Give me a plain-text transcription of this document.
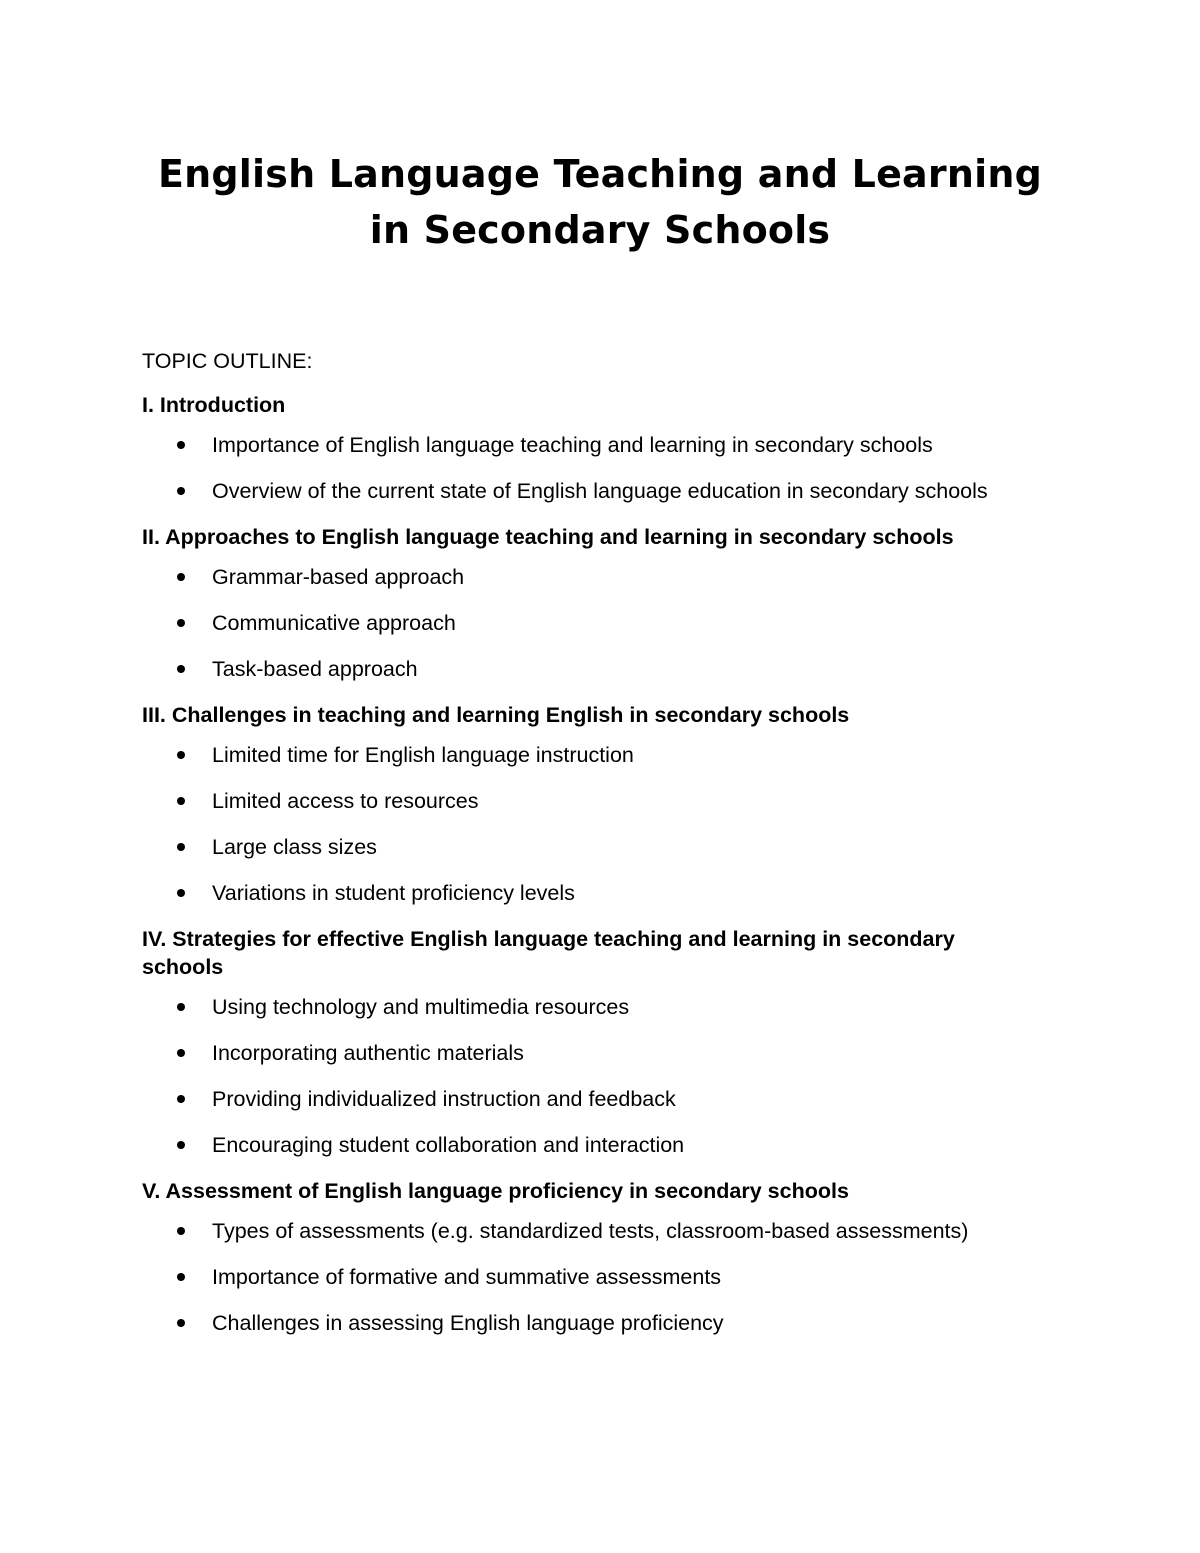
English Language Teaching and Learning
in Secondary Schools
TOPIC OUTLINE:
I. Introduction
Importance of English language teaching and learning in secondary schools
Overview of the current state of English language education in secondary schools
II. Approaches to English language teaching and learning in secondary schools
Grammar-based approach
Communicative approach
Task-based approach
III. Challenges in teaching and learning English in secondary schools
Limited time for English language instruction
Limited access to resources
Large class sizes
Variations in student proficiency levels
IV. Strategies for effective English language teaching and learning in secondary schools
Using technology and multimedia resources
Incorporating authentic materials
Providing individualized instruction and feedback
Encouraging student collaboration and interaction
V. Assessment of English language proficiency in secondary schools
Types of assessments (e.g. standardized tests, classroom-based assessments)
Importance of formative and summative assessments
Challenges in assessing English language proficiency
